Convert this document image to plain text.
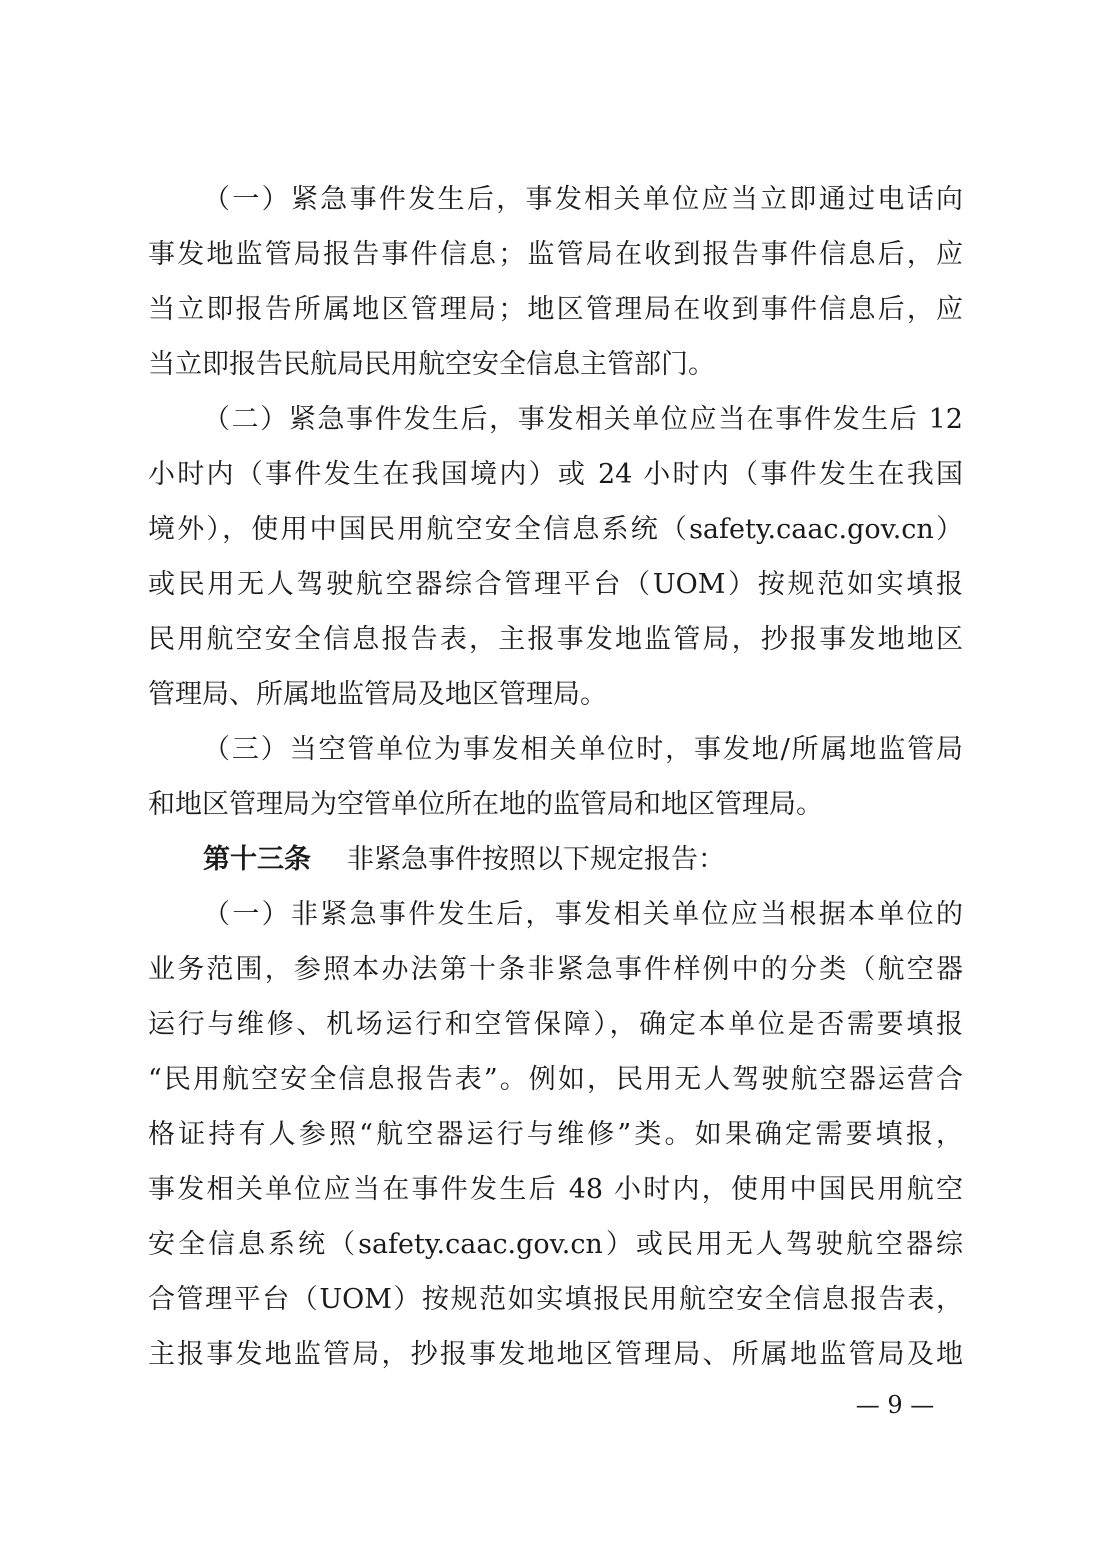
（一）紧急事件发生后，事发相关单位应当立即通过电话向
事发地监管局报告事件信息；监管局在收到报告事件信息后，应
当立即报告所属地区管理局；地区管理局在收到事件信息后，应
当立即报告民航局民用航空安全信息主管部门。
（二）紧急事件发生后，事发相关单位应当在事件发生后 12
小时内（事件发生在我国境内）或 24 小时内（事件发生在我国
境外），使用中国民用航空安全信息系统（safety.caac.gov.cn）
或民用无人驾驶航空器综合管理平台（UOM）按规范如实填报
民用航空安全信息报告表，主报事发地监管局，抄报事发地地区
管理局、所属地监管局及地区管理局。
（三）当空管单位为事发相关单位时，事发地/所属地监管局
和地区管理局为空管单位所在地的监管局和地区管理局。
第十三条 非紧急事件按照以下规定报告：
（一）非紧急事件发生后，事发相关单位应当根据本单位的
业务范围，参照本办法第十条非紧急事件样例中的分类（航空器
运行与维修、机场运行和空管保障），确定本单位是否需要填报
“民用航空安全信息报告表”。例如，民用无人驾驶航空器运营合
格证持有人参照“航空器运行与维修”类。如果确定需要填报，
事发相关单位应当在事件发生后 48 小时内，使用中国民用航空
安全信息系统（safety.caac.gov.cn）或民用无人驾驶航空器综
合管理平台（UOM）按规范如实填报民用航空安全信息报告表，
主报事发地监管局，抄报事发地地区管理局、所属地监管局及地
— 9 —
